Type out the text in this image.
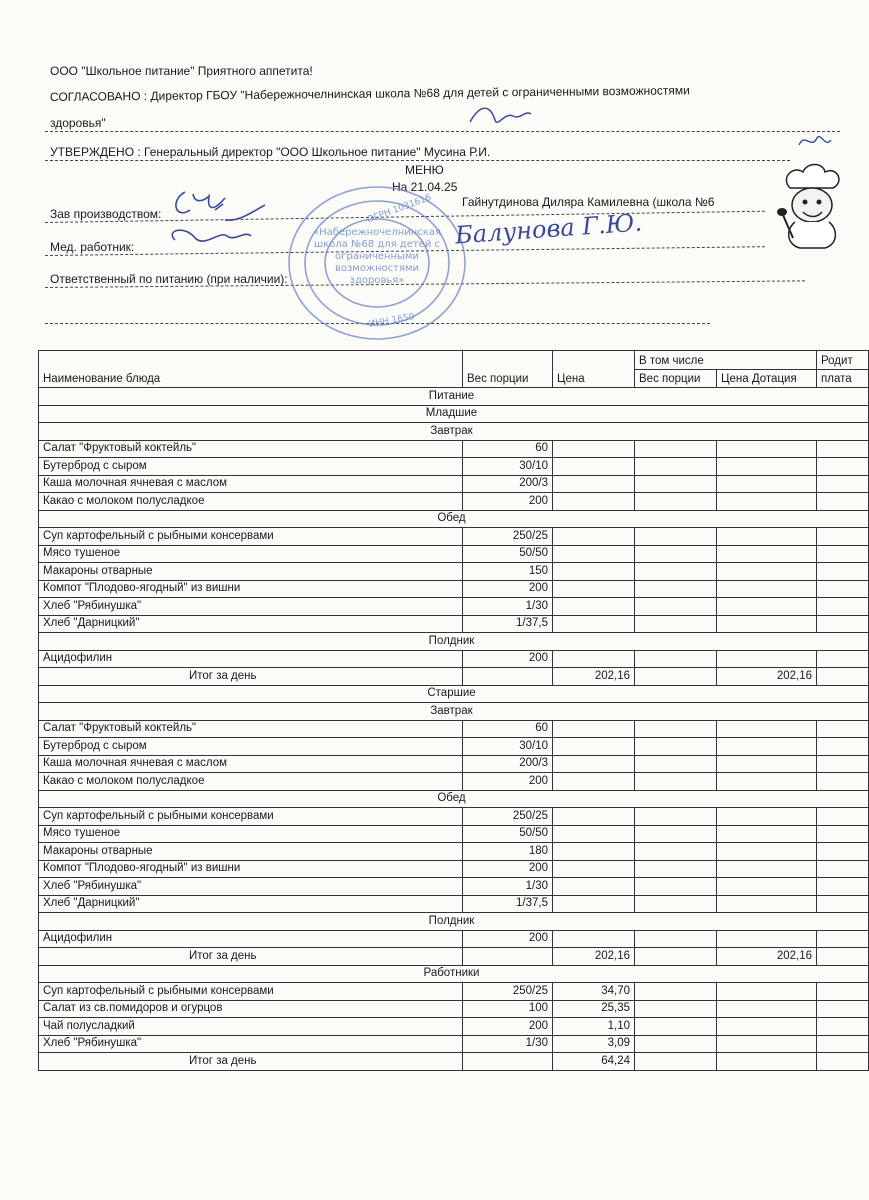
ООО "Школьное питание" Приятного аппетита!
СОГЛАСОВАНО : Директор ГБОУ "Набережночелнинская школа №68 для детей с ограниченными возможностями
здоровья"
УТВЕРЖДЕНО : Генеральный директор "ООО Школьное питание" Мусина Р.И.
МЕНЮ
На 21.04.25
Зав производством:
Гайнутдинова Диляра Камилевна (школа №6
Мед. работник:
Ответственный по питанию (при наличии):
«Набережночелнинская
школа №68 для детей с
ограниченными
возможностями
здоровья»
ОГРН 1031616
ИНН 1650
Балунова Г.Ю.
Наименование блюда	Вес порции	Цена	В том числе		Родит
			Вес порции	Цена Дотация	плата
Питание					
Младшие					
Завтрак					
Салат "Фруктовый коктейль"	60				
Бутерброд с сыром	30/10				
Каша молочная ячневая с маслом	200/3				
Какао с молоком полусладкое	200				
Обед					
Суп картофельный с рыбными консервами	250/25				
Мясо тушеное	50/50				
Макароны отварные	150				
Компот "Плодово-ягодный" из вишни	200				
Хлеб "Рябинушка"	1/30				
Хлеб "Дарницкий"	1/37,5				
Полдник					
Ацидофилин	200				
Итог за день		202,16		202,16	
Старшие					
Завтрак					
Салат "Фруктовый коктейль"	60				
Бутерброд с сыром	30/10				
Каша молочная ячневая с маслом	200/3				
Какао с молоком полусладкое	200				
Обед					
Суп картофельный с рыбными консервами	250/25				
Мясо тушеное	50/50				
Макароны отварные	180				
Компот "Плодово-ягодный" из вишни	200				
Хлеб "Рябинушка"	1/30				
Хлеб "Дарницкий"	1/37,5				
Полдник					
Ацидофилин	200				
Итог за день		202,16		202,16	
Работники					
Суп картофельный с рыбными консервами	250/25	34,70			
Салат из св.помидоров и огурцов	100	25,35			
Чай полусладкий	200	1,10			
Хлеб "Рябинушка"	1/30	3,09			
Итог за день		64,24			
